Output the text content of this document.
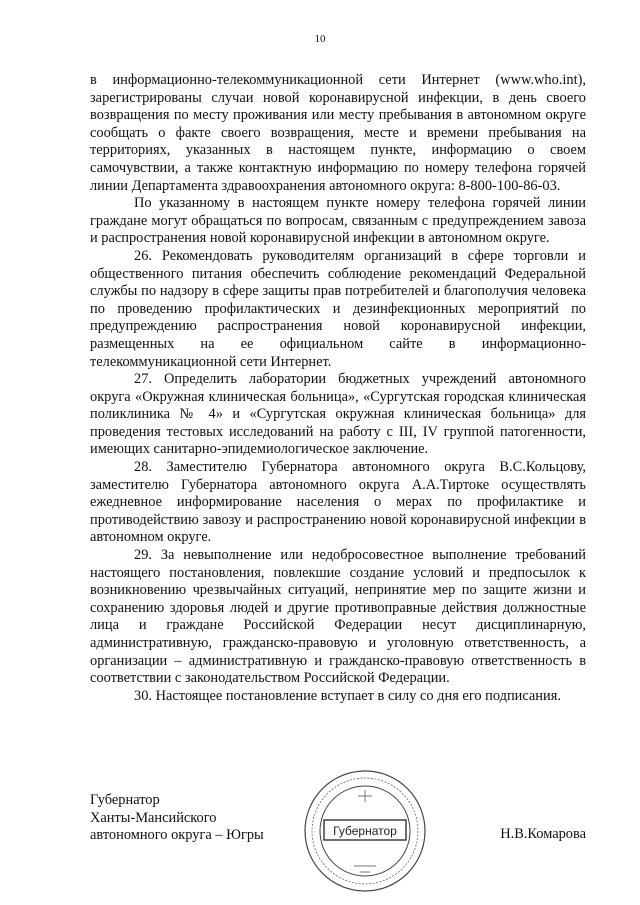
10

в информационно-телекоммуникационной сети Интернет (www.who.int), зарегистрированы случаи новой коронавирусной инфекции, в день своего возвращения по месту проживания или месту пребывания в автономном округе сообщать о факте своего возвращения, месте и времени пребывания на территориях, указанных в настоящем пункте, информацию о своем самочувствии, а также контактную информацию по номеру телефона горячей линии Департамента здравоохранения автономного округа: 8-800-100-86-03.

По указанному в настоящем пункте номеру телефона горячей линии граждане могут обращаться по вопросам, связанным с предупреждением завоза и распространения новой коронавирусной инфекции в автономном округе.

26. Рекомендовать руководителям организаций в сфере торговли и общественного питания обеспечить соблюдение рекомендаций Федеральной службы по надзору в сфере защиты прав потребителей и благополучия человека по проведению профилактических и дезинфекционных мероприятий по предупреждению распространения новой коронавирусной инфекции, размещенных на ее официальном сайте в информационно-телекоммуникационной сети Интернет.

27. Определить лаборатории бюджетных учреждений автономного округа «Окружная клиническая больница», «Сургутская городская клиническая поликлиника № 4» и «Сургутская окружная клиническая больница» для проведения тестовых исследований на работу с III, IV группой патогенности, имеющих санитарно-эпидемиологическое заключение.

28. Заместителю Губернатора автономного округа В.С.Кольцову, заместителю Губернатора автономного округа А.А.Тиртоке осуществлять ежедневное информирование населения о мерах по профилактике и противодействию завозу и распространению новой коронавирусной инфекции в автономном округе.

29. За невыполнение или недобросовестное выполнение требований настоящего постановления, повлекшие создание условий и предпосылок к возникновению чрезвычайных ситуаций, непринятие мер по защите жизни и сохранению здоровья людей и другие противоправные действия должностные лица и граждане Российской Федерации несут дисциплинарную, административную, гражданско-правовую и уголовную ответственность, а организации – административную и гражданско-правовую ответственность в соответствии с законодательством Российской Федерации.

30. Настоящее постановление вступает в силу со дня его подписания.

Губернатор
Ханты-Мансийского
автономного округа – Югры	Губернатор	Н.В.Комарова
